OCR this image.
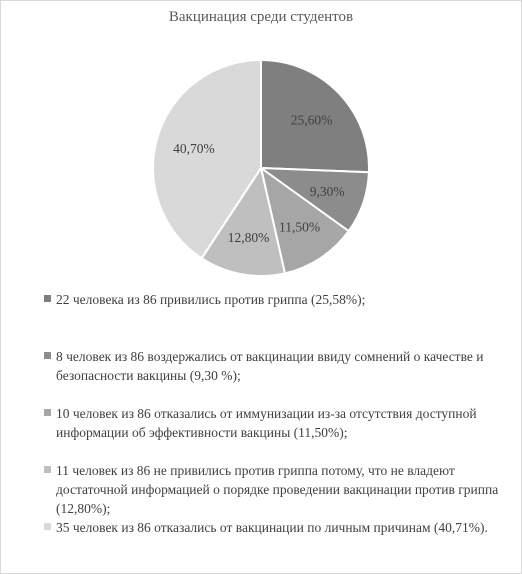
Вакцинация среди студентов
25,60%
9,30%
11,50%
12,80%
40,70%
22 человека из 86 привились против гриппа (25,58%);
8 человек из 86 воздержались от вакцинации ввиду сомнений о качестве и безопасности вакцины (9,30 %);
10 человек из 86 отказались от иммунизации из-за отсутствия доступной информации об эффективности вакцины (11,50%);
11 человек из 86 не привились против гриппа потому, что не владеют достаточной информацией о порядке проведении вакцинации против гриппа (12,80%);
35 человек из 86 отказались от вакцинации по личным причинам (40,71%).
